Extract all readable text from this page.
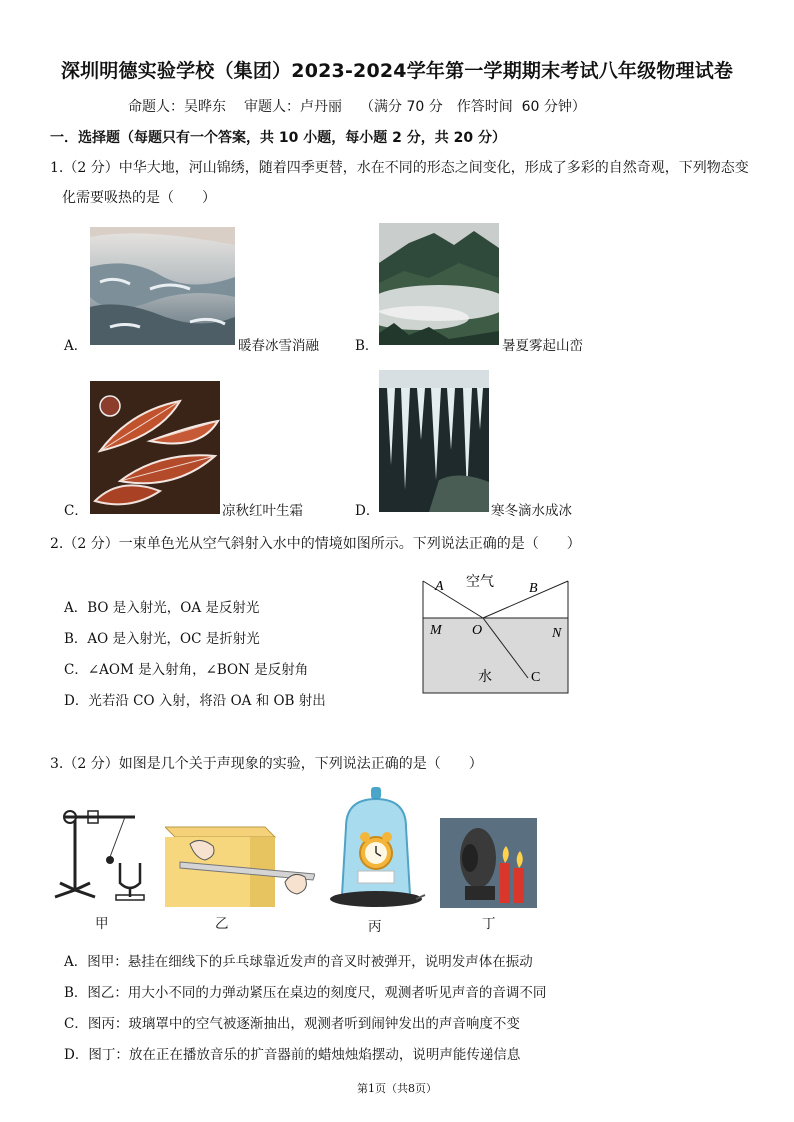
深圳明德实验学校（集团）2023-2024学年第一学期期末考试八年级物理试卷
命题人：吴晔东 审题人：卢丹丽 （满分 70 分　作答时间  60 分钟）
一．选择题（每题只有一个答案，共 10 小题，每小题 2 分，共 20 分）
1.（2 分）中华大地，河山锦绣，随着四季更替，水在不同的形态之间变化，形成了多彩的自然奇观，下列物态变
化需要吸热的是（　　）
A．	暖春冰雪消融	B．	暑夏雾起山峦
C．	凉秋红叶生霜	D．	寒冬滴水成冰
2.（2 分）一束单色光从空气斜射入水中的情境如图所示。下列说法正确的是（　　）
A．BO 是入射光，OA 是反射光
B．AO 是入射光，OC 是折射光
C．∠AOM 是入射角，∠BON 是反射角
D．光若沿 CO 入射，将沿 OA 和 OB 射出
A 空气	B
M O	N
水	C
3.（2 分）如图是几个关于声现象的实验，下列说法正确的是（　　）
甲	乙	丙	丁
A．图甲：悬挂在细线下的乒乓球靠近发声的音叉时被弹开，说明发声体在振动
B．图乙：用大小不同的力弹动紧压在桌边的刻度尺，观测者听见声音的音调不同
C．图丙：玻璃罩中的空气被逐渐抽出，观测者听到闹钟发出的声音响度不变
D．图丁：放在正在播放音乐的扩音器前的蜡烛烛焰摆动，说明声能传递信息
第1页（共8页）
